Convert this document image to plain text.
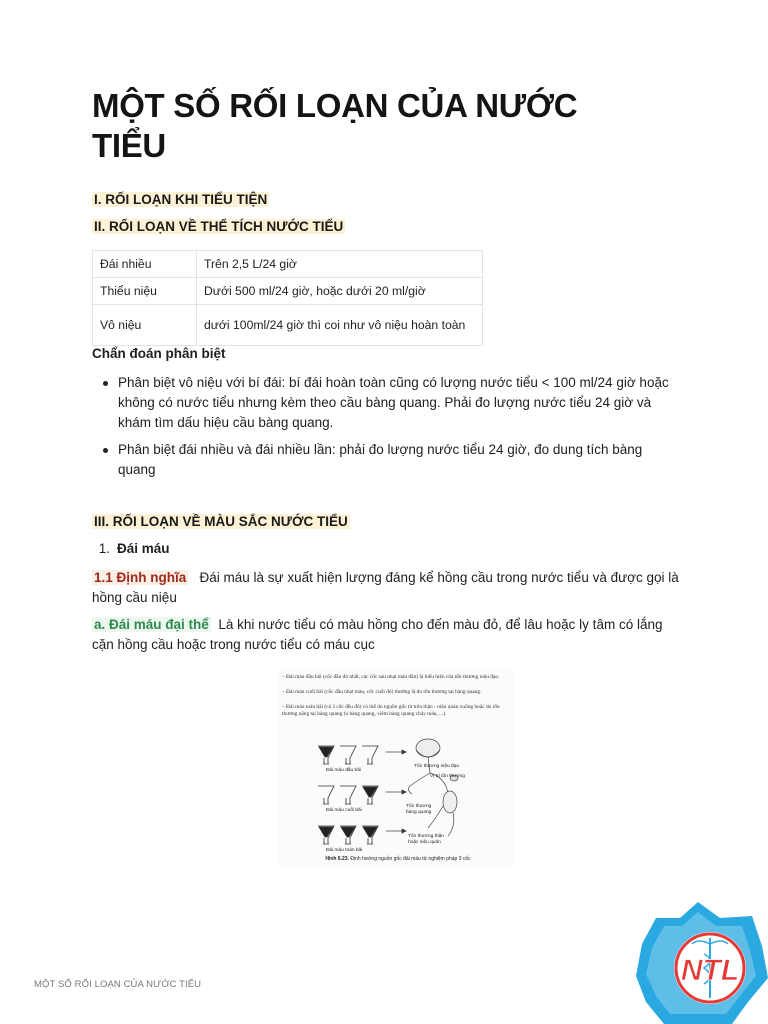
MỘT SỐ RỐI LOẠN CỦA NƯỚC TIỂU
I. RỐI LOẠN KHI TIỂU TIỆN
II. RỐI LOẠN VỀ THỂ TÍCH NƯỚC TIỂU
Đái nhiều	Trên 2,5 L/24 giờ
Thiểu niệu	Dưới 500 ml/24 giờ, hoặc dưới 20 ml/giờ
Vô niệu	dưới 100ml/24 giờ thì coi như vô niệu hoàn toàn
Chẩn đoán phân biệt
Phân biệt vô niệu với bí đái: bí đái hoàn toàn cũng có lượng nước tiểu < 100 ml/24 giờ hoặc không có nước tiểu nhưng kèm theo cầu bàng quang. Phải đo lượng nước tiểu 24 giờ và khám tìm dấu hiệu cầu bàng quang.
Phân biệt đái nhiều và đái nhiều lần: phải đo lượng nước tiểu 24 giờ, đo dung tích bàng quang
III. RỐI LOẠN VỀ MÀU SẮC NƯỚC TIỂU
1. Đái máu
1.1 Định nghĩa Đái máu là sự xuất hiện lượng đáng kể hồng cầu trong nước tiểu và được gọi là hồng cầu niệu
a. Đái máu đại thể Là khi nước tiểu có màu hồng cho đến màu đỏ, để lâu hoặc ly tâm có lắng cặn hồng cầu hoặc trong nước tiểu có máu cục
– Đái máu đầu bãi (cốc đầu đỏ nhất, các cốc sau nhạt màu dần) là biểu hiện của tổn thương niệu đạo.
– Đái máu cuối bãi (cốc đầu nhạt màu, cốc cuối đỏ) thường là do tổn thương tại bàng quang.
– Đái máu toàn bãi (cả 3 cốc đều đỏ) có thể do nguồn gốc từ trên thận - niệu quản xuống hoặc do tổn thương nặng tại bàng quang (u bàng quang, viêm bàng quang chảy máu, ...).
Đái máu đầu bãi
Đái máu cuối bãi
Đái máu toàn bãi
Tổn thương niệu đạo
Vị trí tổn thương
Tổn thương bàng quang
Tổn thương thận hoặc niệu quản
Hình 6.23. Định hướng nguồn gốc đái máu từ nghiệm pháp 3 cốc
MỘT SỐ RỐI LOẠN CỦA NƯỚC TIỂU	NTL
